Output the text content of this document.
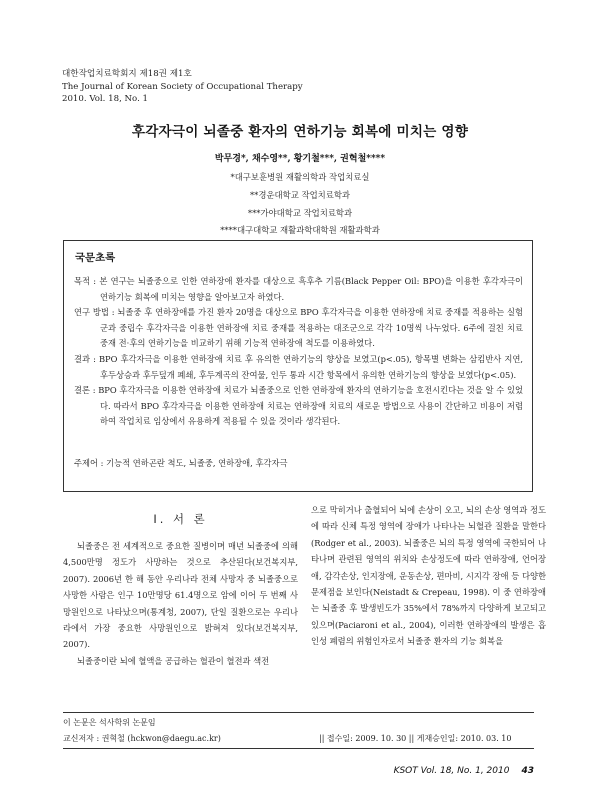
대한작업치료학회지 제18권 제1호
The Journal of Korean Society of Occupational Therapy
2010. Vol. 18, No. 1
후각자극이 뇌졸중 환자의 연하기능 회복에 미치는 영향
박무경*, 채수영**, 황기철***, 권혁철****
*대구보훈병원 재활의학과 작업치료실
**경운대학교 작업치료학과
***가야대학교 작업치료학과
****대구대학교 재활과학대학원 재활과학과
국문초록

목적 : 본 연구는 뇌졸중으로 인한 연하장애 환자를 대상으로 흑후추 기름(Black Pepper Oil: BPO)을 이용한 후각자극이 연하기능 회복에 미치는 영향을 알아보고자 하였다.

연구 방법 : 뇌졸중 후 연하장애를 가진 환자 20명을 대상으로 BPO 후각자극을 이용한 연하장애 치료 중재를 적용하는 실험군과 중립수 후각자극을 이용한 연하장애 치료 중재를 적용하는 대조군으로 각각 10명씩 나누었다. 6주에 걸친 치료 중재 전·후의 연하기능을 비교하기 위해 기능적 연하장애 척도를 이용하였다.

결과 : BPO 후각자극을 이용한 연하장애 치료 후 유의한 연하기능의 향상을 보였고(p<.05), 항목별 변화는 삼킴반사 지연, 후두상승과 후두덮개 폐쇄, 후두계곡의 잔여물, 인두 통과 시간 항목에서 유의한 연하기능의 향상을 보였다(p<.05).

결론 : BPO 후각자극을 이용한 연하장애 치료가 뇌졸중으로 인한 연하장애 환자의 연하기능을 호전시킨다는 것을 알 수 있었다. 따라서 BPO 후각자극을 이용한 연하장애 치료는 연하장애 치료의 새로운 방법으로 사용이 간단하고 비용이 저렴하여 작업치료 임상에서 유용하게 적용될 수 있을 것이라 생각된다.

주제어 : 기능적 연하곤란 척도, 뇌졸중, 연하장애, 후각자극
Ⅰ. 서 론

뇌졸중은 전 세계적으로 중요한 질병이며 매년 뇌졸중에 의해 4,500만명 정도가 사망하는 것으로 추산된다(보건복지부, 2007). 2006년 한 해 동안 우리나라 전체 사망자 중 뇌졸중으로 사망한 사람은 인구 10만명당 61.4명으로 암에 이어 두 번째 사망원인으로 나타났으며(통계청, 2007), 단일 질환으로는 우리나라에서 가장 중요한 사망원인으로 밝혀져 있다(보건복지부, 2007).

뇌졸중이란 뇌에 혈액을 공급하는 혈관이 혈전과 색전

으로 막히거나 출혈되어 뇌에 손상이 오고, 뇌의 손상 영역과 정도에 따라 신체 특정 영역에 장애가 나타나는 뇌혈관 질환을 말한다(Rodger et al., 2003). 뇌졸중은 뇌의 특정 영역에 국한되어 나타나며 관련된 영역의 위치와 손상정도에 따라 연하장애, 언어장애, 감각손상, 인지장애, 운동손상, 편마비, 시지각 장애 등 다양한 문제점을 보인다(Neistadt & Crepeau, 1998). 이 중 연하장애는 뇌졸중 후 발생빈도가 35%에서 78%까지 다양하게 보고되고 있으며(Paciaroni et al., 2004), 이러한 연하장애의 발생은 흡인성 폐렴의 위험인자로서 뇌졸중 환자의 기능 회복을

이 논문은 석사학위 논문임
교신저자 : 권혁철 (hckwon@daegu.ac.kr)	|| 접수일: 2009. 10. 30 || 게재승인일: 2010. 03. 10
KSOT Vol. 18, No. 1, 2010 43
